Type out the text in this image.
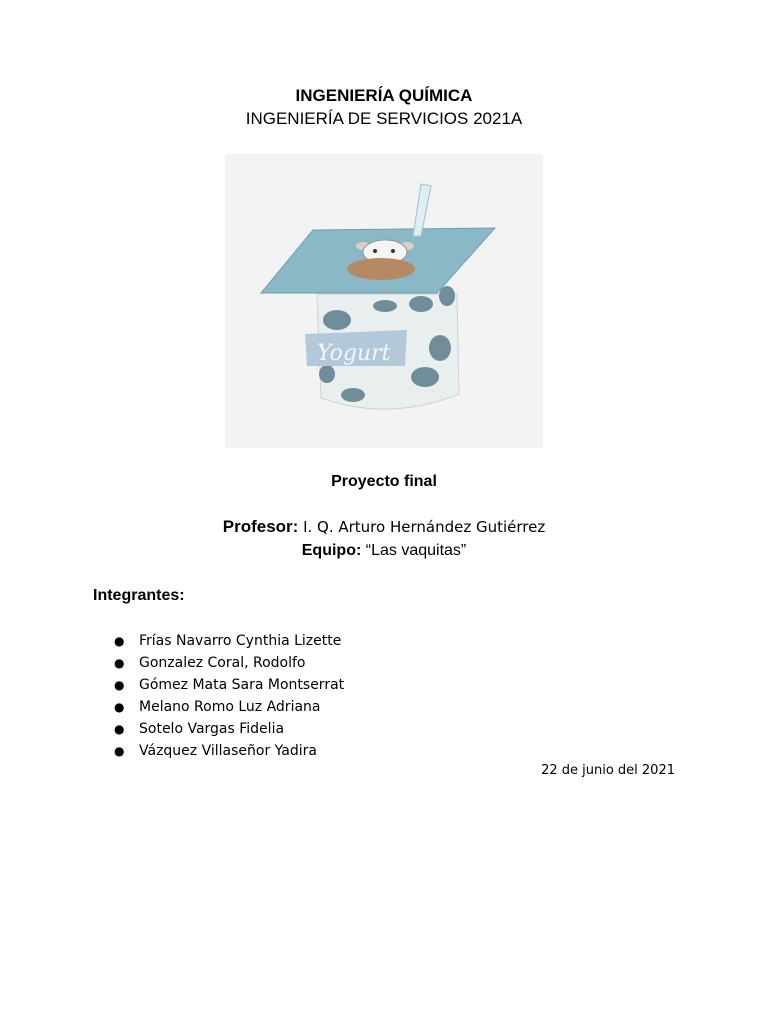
INGENIERÍA QUÍMICA
INGENIERÍA DE SERVICIOS 2021A
Yogurt
Proyecto final
Profesor: I. Q. Arturo Hernández Gutiérrez
Equipo: “Las vaquitas”
Integrantes:
● Frías Navarro Cynthia Lizette
● Gonzalez Coral, Rodolfo
● Gómez Mata Sara Montserrat
● Melano Romo Luz Adriana
● Sotelo Vargas Fidelia
● Vázquez Villaseñor Yadira
22 de junio del 2021
